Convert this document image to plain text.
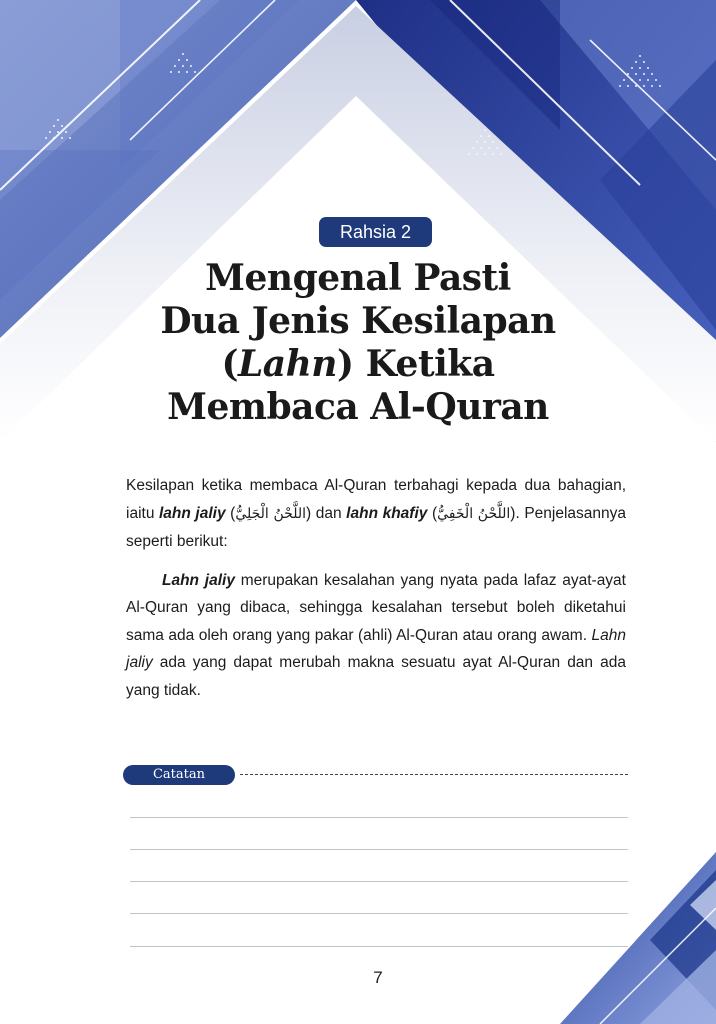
Rahsia 2
Mengenal Pasti
Dua Jenis Kesilapan
(Lahn) Ketika
Membaca Al-Quran

Kesilapan ketika membaca Al-Quran terbahagi kepada dua bahagian, iaitu lahn jaliy (اللَّحْنُ الْجَلِيُّ) dan lahn khafiy (اللَّحْنُ الْخَفِيُّ). Penjelasannya seperti berikut:

Lahn jaliy merupakan kesalahan yang nyata pada lafaz ayat-ayat Al-Quran yang dibaca, sehingga kesalahan tersebut boleh diketahui sama ada oleh orang yang pakar (ahli) Al-Quran atau orang awam. Lahn jaliy ada yang dapat merubah makna sesuatu ayat Al-Quran dan ada yang tidak.

Catatan
7
